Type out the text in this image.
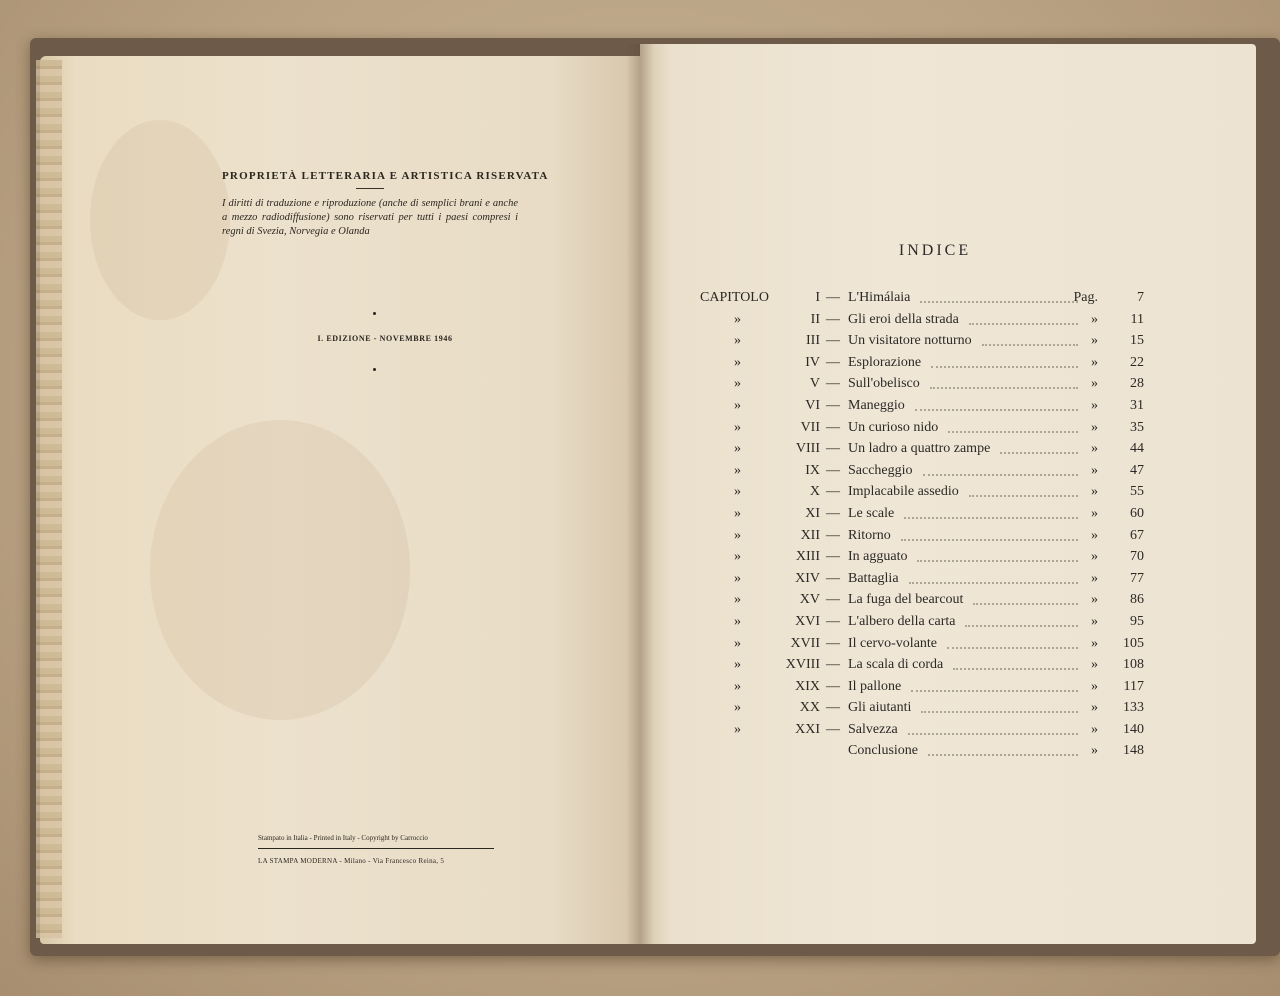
PROPRIETÀ LETTERARIA E ARTISTICA RISERVATA
I diritti di traduzione e riproduzione (anche di semplici brani e anche a mezzo radiodiffusione) sono riservati per tutti i paesi compresi i regni di Svezia, Norvegia e Olanda
I. EDIZIONE - NOVEMBRE 1946
Stampato in Italia - Printed in Italy - Copyright by Carroccio
LA STAMPA MODERNA - Milano - Via Francesco Reina, 5
INDICE
CAPITOLO	I — L'Himálaia	Pag.	7
»	II — Gli eroi della strada	» 11
»	III — Un visitatore notturno	» 15
»	IV — Esplorazione	» 22
»	V — Sull'obelisco	» 28
»	VI — Maneggio	» 31
»	VII — Un curioso nido	» 35
»	VIII — Un ladro a quattro zampe	» 44
»	IX — Saccheggio	» 47
»	X — Implacabile assedio	» 55
»	XI — Le scale	» 60
»	XII — Ritorno	» 67
»	XIII — In agguato	» 70
»	XIV — Battaglia	» 77
»	XV — La fuga del bearcout	» 86
»	XVI — L'albero della carta	» 95
»	XVII — Il cervo-volante	» 105
»	XVIII — La scala di corda	» 108
»	XIX — Il pallone	» 117
»	XX — Gli aiutanti	» 133
»	XXI — Salvezza	» 140
Conclusione	» 148
